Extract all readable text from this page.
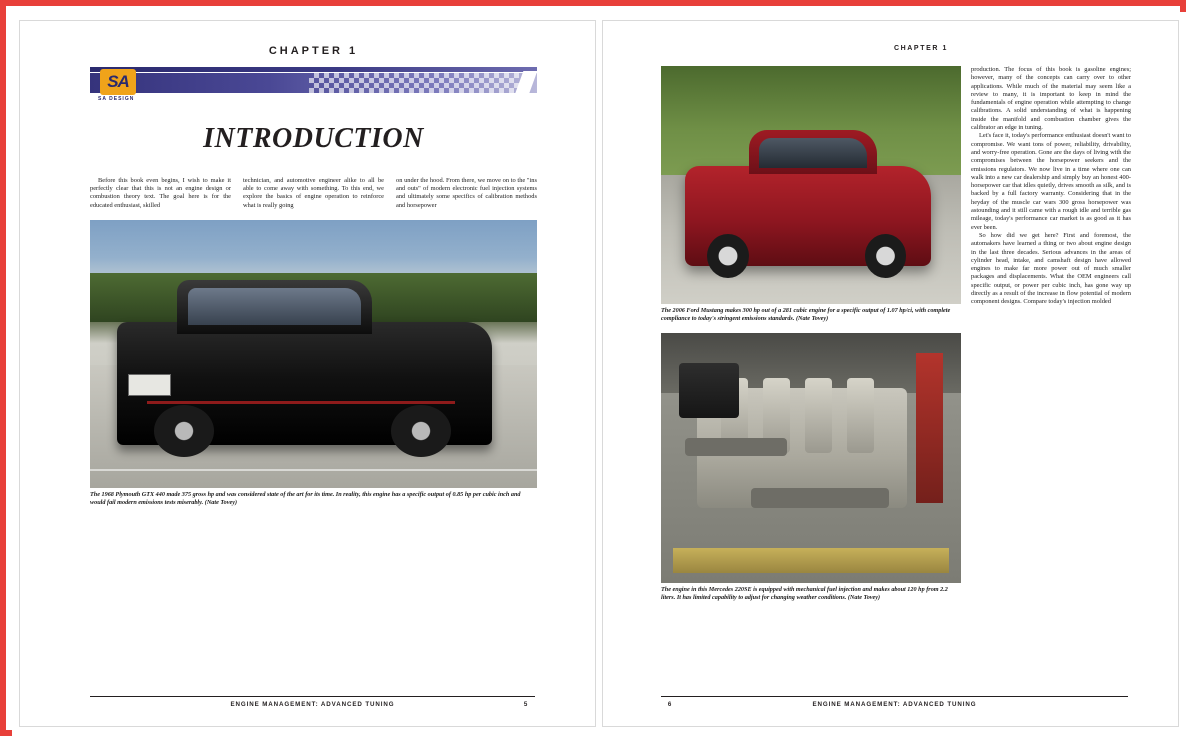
CHAPTER 1
SA
SA DESIGN
INTRODUCTION

Before this book even begins, I wish to make it perfectly clear that this is not an engine design or combustion theory text. The goal here is for the educated enthusiast, skilled

technician, and automotive engineer alike to all be able to come away with something. To this end, we explore the basics of engine operation to reinforce what is really going

on under the hood. From there, we move on to the "ins and outs" of modern electronic fuel injection systems and ultimately some specifics of calibration methods and horsepower

The 1968 Plymouth GTX 440 made 375 gross hp and was considered state of the art for its time. In reality, this engine has a specific output of 0.85 hp per cubic inch and would fail modern emissions tests miserably. (Nate Tovey)
ENGINE MANAGEMENT: ADVANCED TUNING	5
CHAPTER 1
The 2006 Ford Mustang makes 300 hp out of a 281 cubic engine for a specific output of 1.07 hp/ci, with complete compliance to today's stringent emissions standards. (Nate Tovey)
The engine in this Mercedes 220SE is equipped with mechanical fuel injection and makes about 120 hp from 2.2 liters. It has limited capability to adjust for changing weather conditions. (Nate Tovey)

production. The focus of this book is gasoline engines; however, many of the concepts can carry over to other applications. While much of the material may seem like a review to many, it is important to keep in mind the fundamentals of engine operation while attempting to change calibrations. A solid understanding of what is happening inside the manifold and combustion chamber gives the calibrator an edge in tuning.

Let's face it, today's performance enthusiast doesn't want to compromise. We want tons of power, reliability, drivability, and worry-free operation. Gone are the days of living with the compromises between the horsepower seekers and the emissions regulators. We now live in a time where one can walk into a new car dealership and simply buy an honest 400-horsepower car that idles quietly, drives smooth as silk, and is backed by a full factory warranty. Considering that in the heyday of the muscle car wars 300 gross horsepower was astounding and it still came with a rough idle and terrible gas mileage, today's performance car market is as good as it has ever been.

So how did we get here? First and foremost, the automakers have learned a thing or two about engine design in the last three decades. Serious advances in the areas of cylinder head, intake, and camshaft design have allowed engines to make far more power out of much smaller packages and displacements. What the OEM engineers call specific output, or power per cubic inch, has gone way up directly as a result of the increase in flow potential of modern component designs. Compare today's injection molded

6	ENGINE MANAGEMENT: ADVANCED TUNING
